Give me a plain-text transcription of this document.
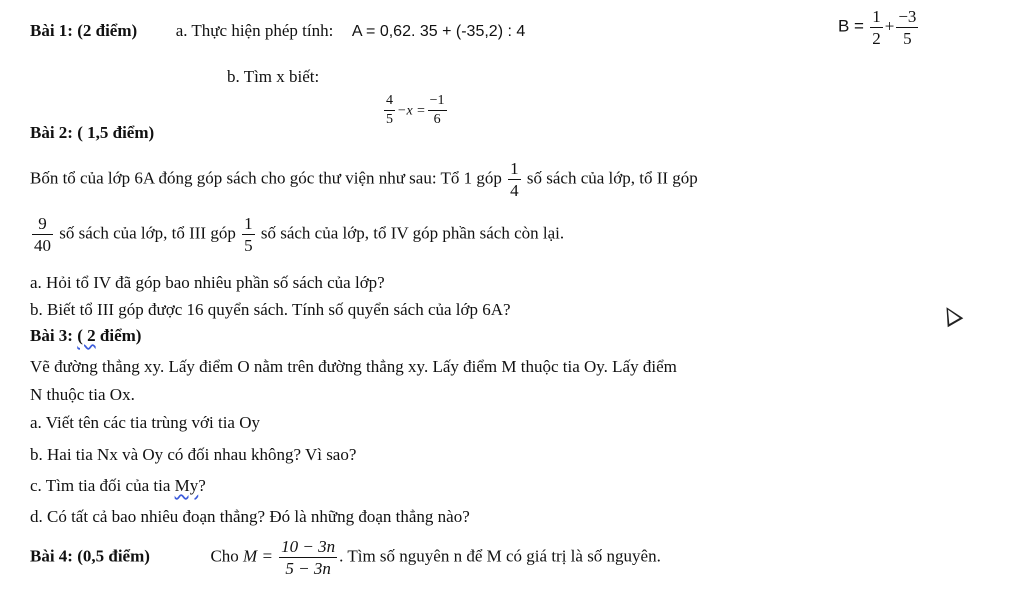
Bài 1: (2 điểm) a. Thực hiện phép tính: A = 0,62. 35 + (-35,2) : 4	$B = \frac{1}{2} + \frac{-3}{5}$
b. Tìm x biết:
$\frac{4}{5} -x = \frac{-1}{6}$
Bài 2: ( 1,5 điểm)
Bốn tổ của lớp 6A đóng góp sách cho góc thư viện như sau: Tổ 1 góp $\frac{1}{4}$ số sách của lớp, tổ II góp
$\frac{9}{40}$ số sách của lớp, tổ III góp $\frac{1}{5}$ số sách của lớp, tổ IV góp phần sách còn lại.
a. Hỏi tổ IV đã góp bao nhiêu phần số sách của lớp?
b. Biết tổ III góp được 16 quyển sách. Tính số quyển sách của lớp 6A?
Bài 3: ( 2 điểm)
Vẽ đường thẳng xy. Lấy điểm O nằm trên đường thẳng xy. Lấy điểm M thuộc tia Oy. Lấy điểm
N thuộc tia Ox.
a. Viết tên các tia trùng với tia Oy
b. Hai tia Nx và Oy có đối nhau không? Vì sao?
c. Tìm tia đối của tia My?
d. Có tất cả bao nhiêu đoạn thẳng? Đó là những đoạn thẳng nào?
Bài 4: (0,5 điểm)	Cho $M = \frac{10 - 3n}{5 - 3n}$ . Tìm số nguyên n để M có giá trị là số nguyên.
